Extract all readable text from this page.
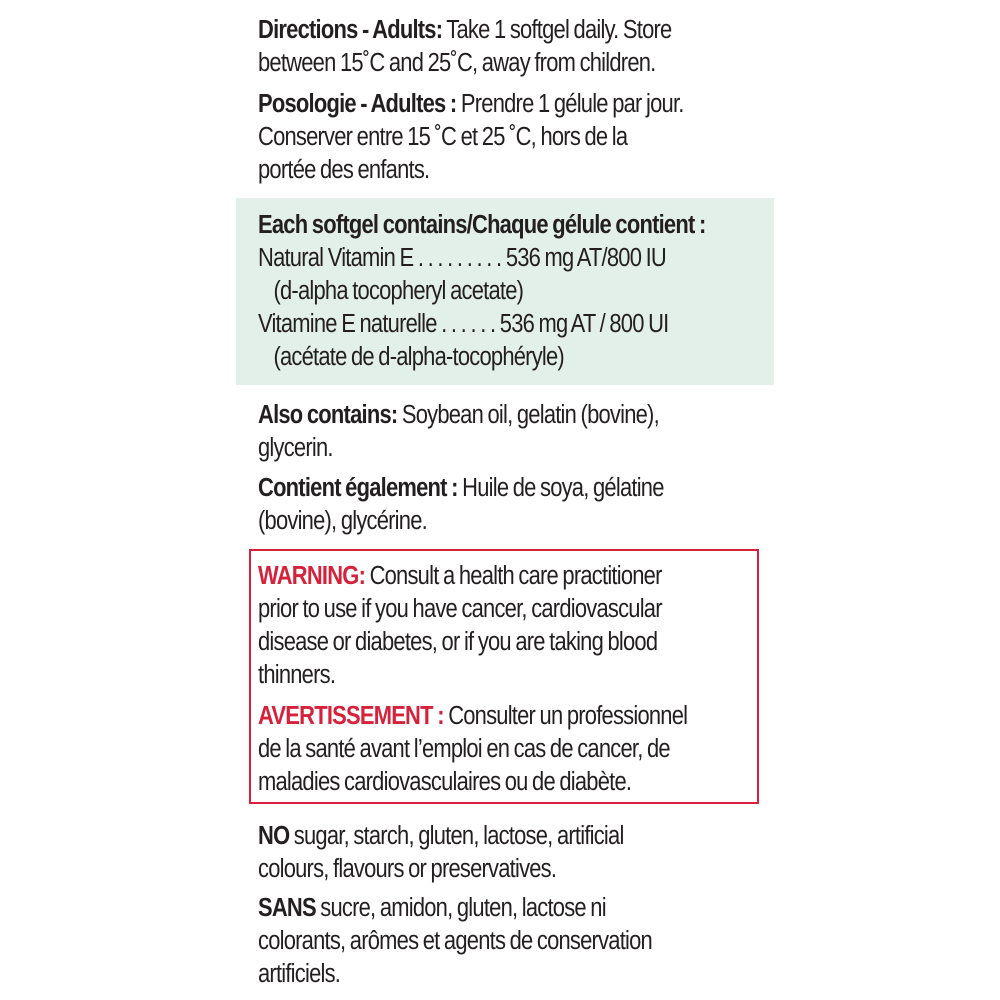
Directions - Adults: Take 1 softgel daily. Store
between 15˚C and 25˚C, away from children.
Posologie - Adultes : Prendre 1 gélule par jour.
Conserver entre 15 ˚C et 25 ˚C, hors de la
portée des enfants.
Each softgel contains/Chaque gélule contient :
Natural Vitamin E . . . . . . . . . 536 mg AT/800 IU
(d-alpha tocopheryl acetate)
Vitamine E naturelle . . . . . . 536 mg AT / 800 UI
(acétate de d-alpha-tocophéryle)
Also contains: Soybean oil, gelatin (bovine),
glycerin.
Contient également : Huile de soya, gélatine
(bovine), glycérine.
WARNING: Consult a health care practitioner
prior to use if you have cancer, cardiovascular
disease or diabetes, or if you are taking blood
thinners.
AVERTISSEMENT : Consulter un professionnel
de la santé avant l’emploi en cas de cancer, de
maladies cardiovasculaires ou de diabète.
NO sugar, starch, gluten, lactose, artificial
colours, flavours or preservatives.
SANS sucre, amidon, gluten, lactose ni
colorants, arômes et agents de conservation
artificiels.
